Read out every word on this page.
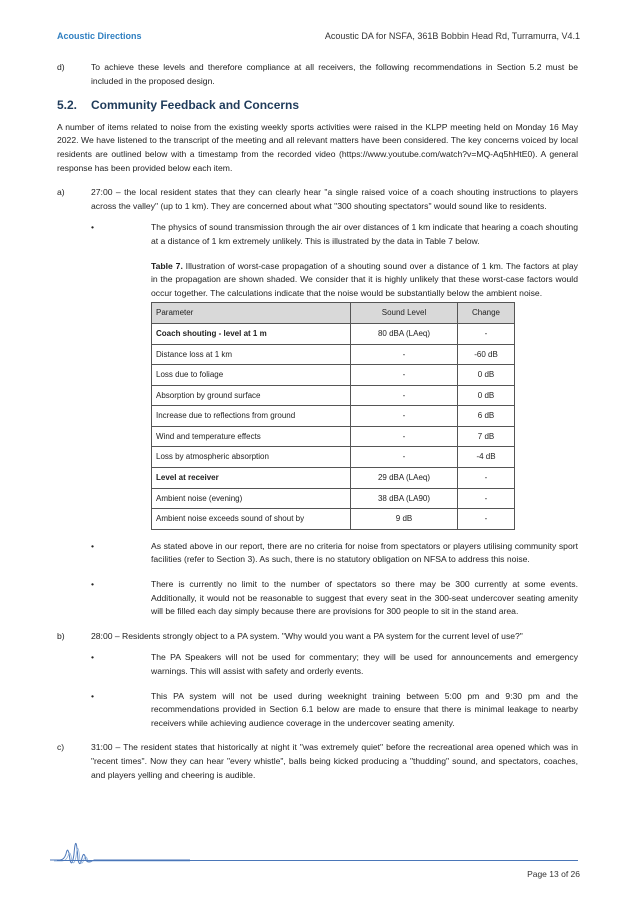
Acoustic Directions	Acoustic DA for NSFA, 361B Bobbin Head Rd, Turramurra, V4.1
d)	To achieve these levels and therefore compliance at all receivers, the following recommendations in Section 5.2 must be included in the proposed design.
5.2.	Community Feedback and Concerns
A number of items related to noise from the existing weekly sports activities were raised in the KLPP meeting held on Monday 16 May 2022. We have listened to the transcript of the meeting and all relevant matters have been considered. The key concerns voiced by local residents are outlined below with a timestamp from the recorded video (https://www.youtube.com/watch?v=MQ-Aq5hHtE0). A general response has been provided below each item.
a)	27:00 – the local resident states that they can clearly hear "a single raised voice of a coach shouting instructions to players across the valley" (up to 1 km). They are concerned about what "300 shouting spectators" would sound like to residents.
•	The physics of sound transmission through the air over distances of 1 km indicate that hearing a coach shouting at a distance of 1 km extremely unlikely. This is illustrated by the data in Table 7 below.
Table 7. Illustration of worst-case propagation of a shouting sound over a distance of 1 km. The factors at play in the propagation are shown shaded. We consider that it is highly unlikely that these worst-case factors would occur together. The calculations indicate that the noise would be substantially below the ambient noise.
Parameter	Sound Level	Change
Coach shouting - level at 1 m	80 dBA (LAeq)	-
Distance loss at 1 km	-	-60 dB
Loss due to foliage	-	0 dB
Absorption by ground surface	-	0 dB
Increase due to reflections from ground	-	6 dB
Wind and temperature effects	-	7 dB
Loss by atmospheric absorption	-	-4 dB
Level at receiver	29 dBA (LAeq)	-
Ambient noise (evening)	38 dBA (LA90)	-
Ambient noise exceeds sound of shout by	9 dB	-
•	As stated above in our report, there are no criteria for noise from spectators or players utilising community sport facilities (refer to Section 3). As such, there is no statutory obligation on NFSA to address this noise.
•	There is currently no limit to the number of spectators so there may be 300 currently at some events. Additionally, it would not be reasonable to suggest that every seat in the 300-seat undercover seating amenity will be filled each day simply because there are provisions for 300 people to sit in the stand area.
b)	28:00 – Residents strongly object to a PA system. "Why would you want a PA system for the current level of use?"
•	The PA Speakers will not be used for commentary; they will be used for announcements and emergency warnings. This will assist with safety and orderly events.
•	This PA system will not be used during weeknight training between 5:00 pm and 9:30 pm and the recommendations provided in Section 6.1 below are made to ensure that there is minimal leakage to nearby receivers while achieving audience coverage in the undercover seating amenity.
c)	31:00 – The resident states that historically at night it "was extremely quiet" before the recreational area opened which was in "recent times". Now they can hear "every whistle", balls being kicked producing a "thudding" sound, and spectators, coaches, and players yelling and cheering is audible.
Page 13 of 26
